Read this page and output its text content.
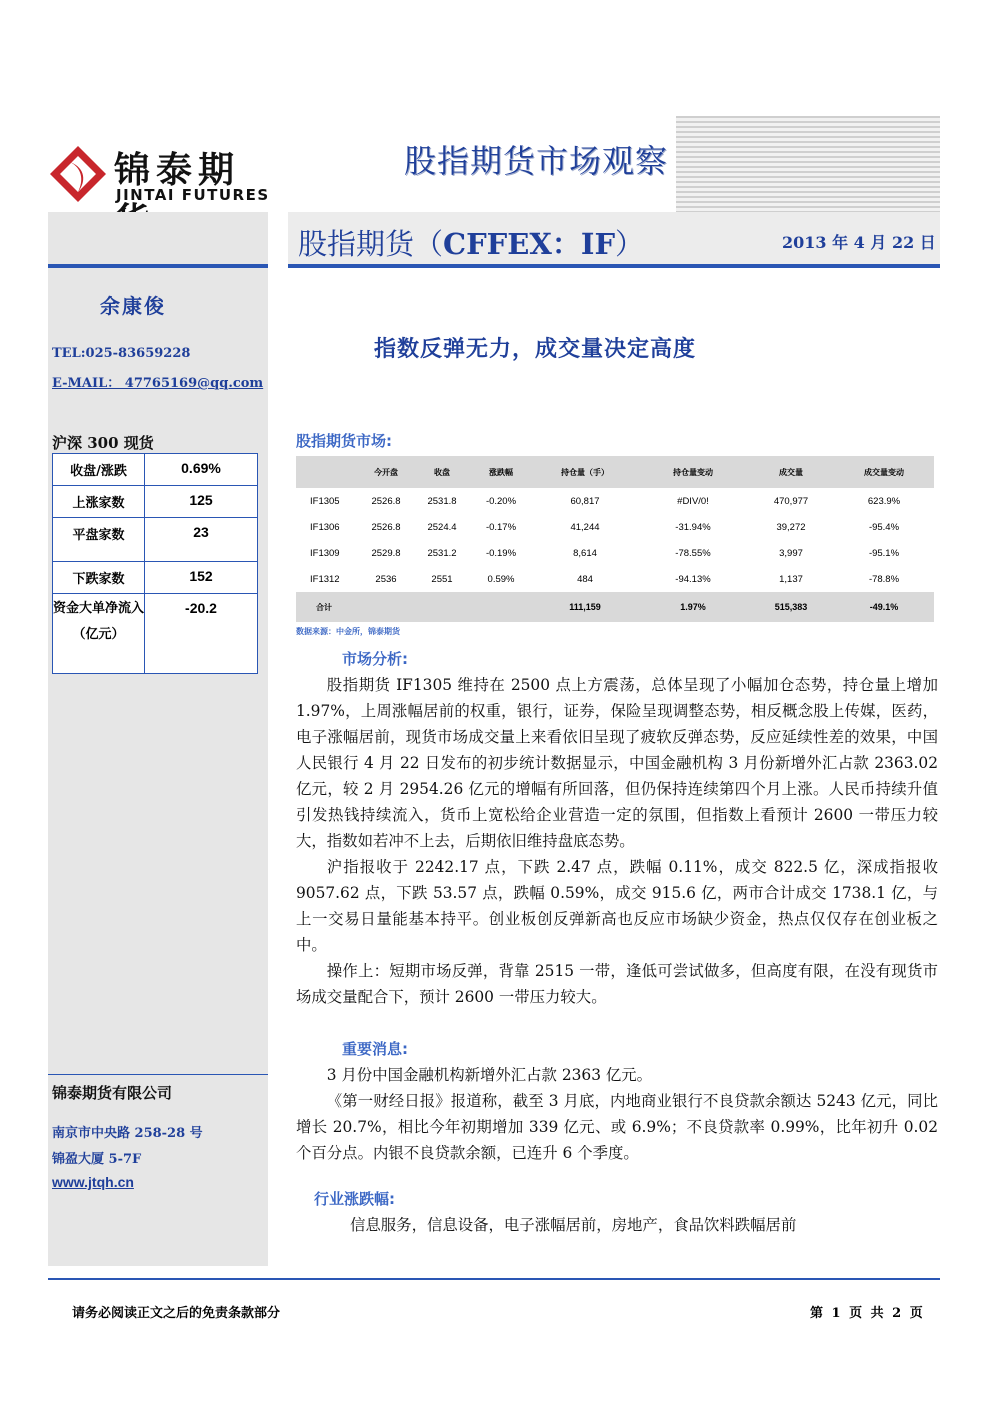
锦泰期
JINTAI FUTURES
股指期货市场观察
股指期货（CFFEX：IF）	2013 年 4 月 22 日
余康俊
TEL:025-83659228
E-MAIL： 47765169@qq.com
沪深 300 现货
收盘/涨跌	0.69%
上涨家数	125
平盘家数	23
下跌家数	152
资金大单净流入（亿元）	-20.2
锦泰期货有限公司
南京市中央路 258-28 号
锦盈大厦 5-7F
www.jtqh.cn
指数反弹无力，成交量决定高度
股指期货市场:
	今开盘	收盘	涨跌幅	持仓量（手）	持仓量变动	成交量	成交量变动
IF1305	2526.8	2531.8	-0.20%	60,817	#DIV/0!	470,977	623.9%
IF1306	2526.8	2524.4	-0.17%	41,244	-31.94%	39,272	-95.4%
IF1309	2529.8	2531.2	-0.19%	8,614	-78.55%	3,997	-95.1%
IF1312	2536	2551	0.59%	484	-94.13%	1,137	-78.8%
合计				111,159	1.97%	515,383	-49.1%
数据来源：中金所，锦泰期货
市场分析:

股指期货 IF1305 维持在 2500 点上方震荡，总体呈现了小幅加仓态势，持仓量上增加 1.97%，上周涨幅居前的权重，银行，证券，保险呈现调整态势，相反概念股上传媒，医药，电子涨幅居前，现货市场成交量上来看依旧呈现了疲软反弹态势，反应延续性差的效果，中国人民银行 4 月 22 日发布的初步统计数据显示，中国金融机构 3 月份新增外汇占款 2363.02 亿元，较 2 月 2954.26 亿元的增幅有所回落，但仍保持连续第四个月上涨。人民币持续升值引发热钱持续流入，货币上宽松给企业营造一定的氛围，但指数上看预计 2600 一带压力较大，指数如若冲不上去，后期依旧维持盘底态势。

沪指报收于 2242.17 点，下跌 2.47 点，跌幅 0.11%，成交 822.5 亿，深成指报收 9057.62 点，下跌 53.57 点，跌幅 0.59%，成交 915.6 亿，两市合计成交 1738.1 亿，与上一交易日量能基本持平。创业板创反弹新高也反应市场缺少资金，热点仅仅存在创业板之中。

操作上：短期市场反弹，背靠 2515 一带，逢低可尝试做多，但高度有限，在没有现货市场成交量配合下，预计 2600 一带压力较大。

重要消息:

3 月份中国金融机构新增外汇占款 2363 亿元。

《第一财经日报》报道称，截至 3 月底，内地商业银行不良贷款余额达 5243 亿元，同比增长 20.7%，相比今年初期增加 339 亿元、或 6.9%；不良贷款率 0.99%，比年初升 0.02 个百分点。内银不良贷款余额，已连升 6 个季度。

行业涨跌幅:
信息服务，信息设备，电子涨幅居前，房地产，食品饮料跌幅居前
请务必阅读正文之后的免责条款部分	第 1 页 共 2 页
